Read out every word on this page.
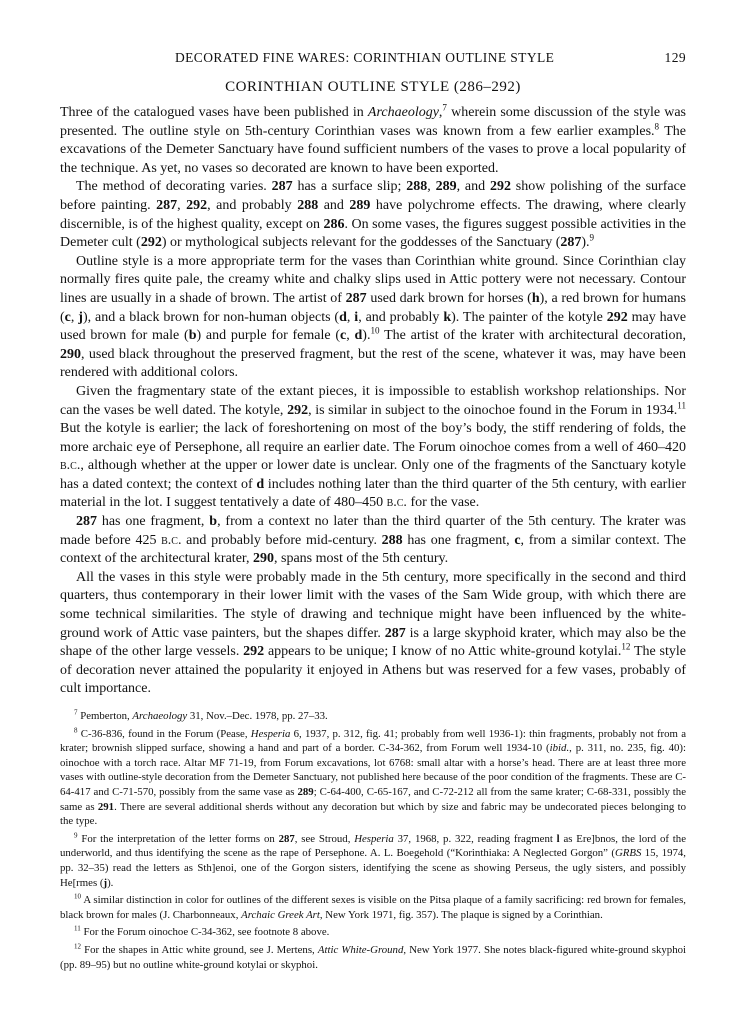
DECORATED FINE WARES: CORINTHIAN OUTLINE STYLE	129
CORINTHIAN OUTLINE STYLE (286–292)

Three of the catalogued vases have been published in Archaeology,$^7$ wherein some discussion of the style was presented. The outline style on 5th-century Corinthian vases was known from a few earlier examples.$^8$ The excavations of the Demeter Sanctuary have found sufficient numbers of the vases to prove a local popularity of the technique. As yet, no vases so decorated are known to have been exported.

The method of decorating varies. 287 has a surface slip; 288, 289, and 292 show polishing of the surface before painting. 287, 292, and probably 288 and 289 have polychrome effects. The drawing, where clearly discernible, is of the highest quality, except on 286. On some vases, the figures suggest possible activities in the Demeter cult (292) or mythological subjects relevant for the goddesses of the Sanctuary (287).$^9$

Outline style is a more appropriate term for the vases than Corinthian white ground. Since Corinthian clay normally fires quite pale, the creamy white and chalky slips used in Attic pottery were not necessary. Contour lines are usually in a shade of brown. The artist of 287 used dark brown for horses (h), a red brown for humans (c, j), and a black brown for non-human objects (d, i, and probably k). The painter of the kotyle 292 may have used brown for male (b) and purple for female (c, d).$^{10}$ The artist of the krater with architectural decoration, 290, used black throughout the preserved fragment, but the rest of the scene, whatever it was, may have been rendered with additional colors.

Given the fragmentary state of the extant pieces, it is impossible to establish workshop relationships. Nor can the vases be well dated. The kotyle, 292, is similar in subject to the oinochoe found in the Forum in 1934.11 But the kotyle is earlier; the lack of foreshortening on most of the boy’s body, the stiff rendering of folds, the more archaic eye of Persephone, all require an earlier date. The Forum oinochoe comes from a well of 460–420 b.c., although whether at the upper or lower date is unclear. Only one of the fragments of the Sanctuary kotyle has a dated context; the context of d includes nothing later than the third quarter of the 5th century, with earlier material in the lot. I suggest tentatively a date of 480–450 b.c. for the vase.

287 has one fragment, b, from a context no later than the third quarter of the 5th century. The krater was made before 425 b.c. and probably before mid-century. 288 has one fragment, c, from a similar context. The context of the architectural krater, 290, spans most of the 5th century.

All the vases in this style were probably made in the 5th century, more specifically in the second and third quarters, thus contemporary in their lower limit with the vases of the Sam Wide group, with which there are some technical similarities. The style of drawing and technique might have been influenced by the white-ground work of Attic vase painters, but the shapes differ. 287 is a large skyphoid krater, which may also be the shape of the other large vessels. 292 appears to be unique; I know of no Attic white-ground kotylai.$^{12}$ The style of decoration never attained the popularity it enjoyed in Athens but was reserved for a few vases, probably of cult importance.

$^7$ Pemberton, Archaeology 31, Nov.–Dec. 1978, pp. 27–33.

$^8$ C-36-836, found in the Forum (Pease, Hesperia 6, 1937, p. 312, fig. 41; probably from well 1936-1): thin fragments, probably not from a krater; brownish slipped surface, showing a hand and part of a border. C-34-362, from Forum well 1934-10 (ibid., p. 311, no. 235, fig. 40): oinochoe with a torch race. Altar MF 71-19, from Forum excavations, lot 6768: small altar with a horse’s head. There are at least three more vases with outline-style decoration from the Demeter Sanctuary, not published here because of the poor condition of the fragments. These are C-64-417 and C-71-570, possibly from the same vase as 289; C-64-400, C-65-167, and C-72-212 all from the same krater; C-68-331, possibly the same as 291. There are several additional sherds without any decoration but which by size and fabric may be undecorated pieces belonging to the type.

$^9$ For the interpretation of the letter forms on 287, see Stroud, Hesperia 37, 1968, p. 322, reading fragment l as Ere]bnos, the lord of the underworld, and thus identifying the scene as the rape of Persephone. A. L. Boegehold (“Korinthiaka: A Neglected Gorgon” (GRBS 15, 1974, pp. 32–35) read the letters as Sth]enoi, one of the Gorgon sisters, identifying the scene as showing Perseus, the ugly sisters, and possibly He[rmes (j).

$^{10}$ A similar distinction in color for outlines of the different sexes is visible on the Pitsa plaque of a family sacrificing: red brown for females, black brown for males (J. Charbonneaux, Archaic Greek Art, New York 1971, fig. 357). The plaque is signed by a Corinthian.

$^{11}$ For the Forum oinochoe C-34-362, see footnote 8 above.

$^{12}$ For the shapes in Attic white ground, see J. Mertens, Attic White-Ground, New York 1977. She notes black-figured white-ground skyphoi (pp. 89–95) but no outline white-ground kotylai or skyphoi.
